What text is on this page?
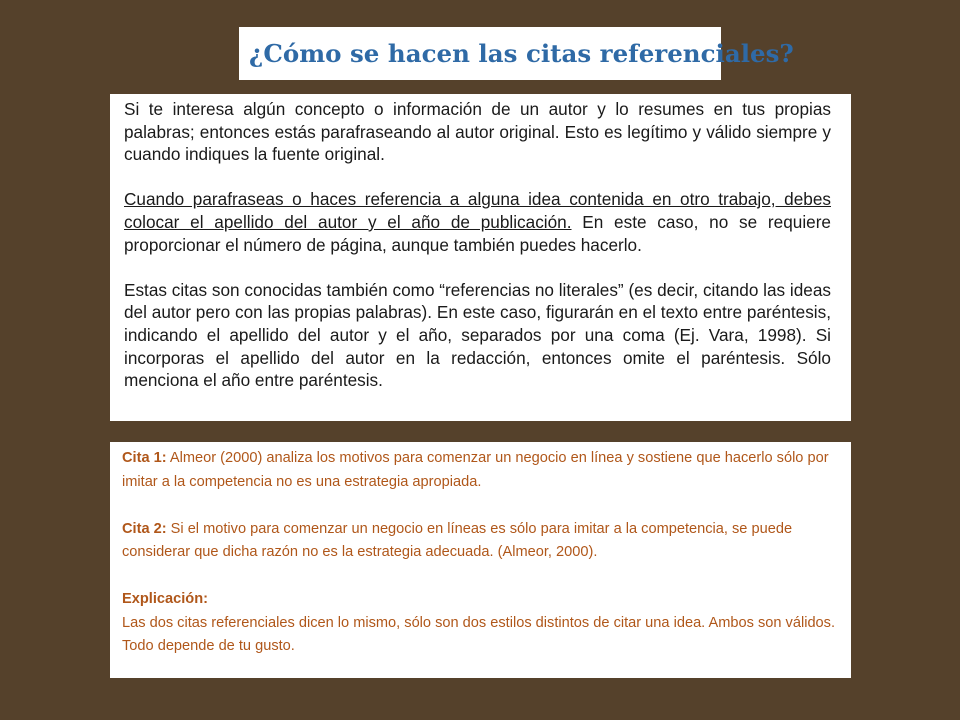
¿Cómo se hacen las citas referenciales?

Si te interesa algún concepto o información de un autor y lo resumes en tus propias palabras; entonces estás parafraseando al autor original. Esto es legítimo y válido siempre y cuando indiques la fuente original.

Cuando parafraseas o haces referencia a alguna idea contenida en otro trabajo, debes colocar el apellido del autor y el año de publicación. En este caso, no se requiere proporcionar el número de página, aunque también puedes hacerlo.

Estas citas son conocidas también como “referencias no literales” (es decir, citando las ideas del autor pero con las propias palabras). En este caso, figurarán en el texto entre paréntesis, indicando el apellido del autor y el año, separados por una coma (Ej. Vara, 1998). Si incorporas el apellido del autor en la redacción, entonces omite el paréntesis. Sólo menciona el año entre paréntesis.

Cita 1: Almeor (2000) analiza los motivos para comenzar un negocio en línea y sostiene que hacerlo sólo por imitar a la competencia no es una estrategia apropiada.

Cita 2: Si el motivo para comenzar un negocio en líneas es sólo para imitar a la competencia, se puede considerar que dicha razón no es la estrategia adecuada. (Almeor, 2000).

Explicación:
Las dos citas referenciales dicen lo mismo, sólo son dos estilos distintos de citar una idea. Ambos son válidos. Todo depende de tu gusto.
